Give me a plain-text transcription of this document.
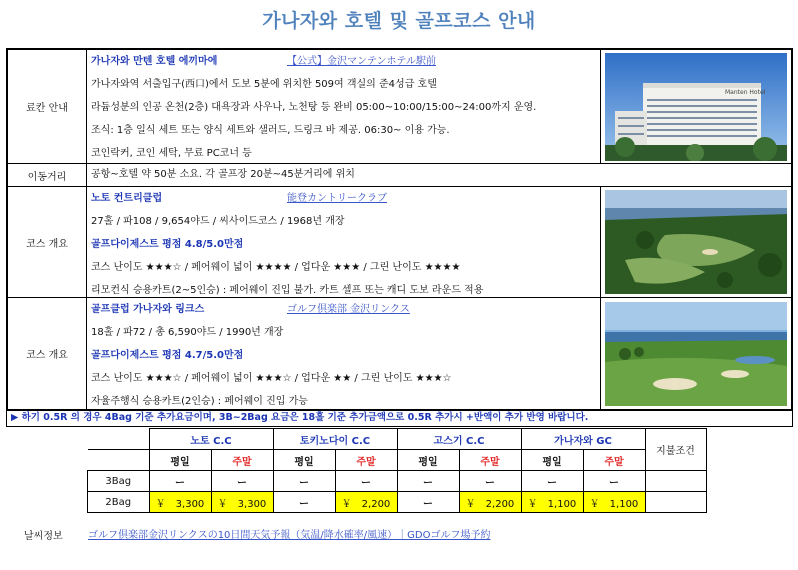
가나자와 호텔 및 골프코스 안내
료칸 안내
가나자와 만텐 호텔 에끼마에	【公式】金沢マンテンホテル駅前
가나자와역 서출입구(西口)에서 도보 5분에 위치한 509여 객실의 준4성급 호텔
라듐성분의 인공 온천(2층) 대욕장과 사우나, 노천탕 등 완비 05:00~10:00/15:00~24:00까지 운영.
조식: 1층 일식 세트 또는 양식 세트와 샐러드, 드링크 바 제공. 06:30~ 이용 가능.
코인락커, 코인 세탁, 무료 PC코너 등
Manten Hotel
이동거리	공항~호텔 약 50분 소요. 각 골프장 20분~45분거리에 위치
코스 개요
노토 컨트리클럽	能登カントリークラブ
27홀 / 파108 / 9,654야드 / 씨사이드코스 / 1968년 개장
골프다이제스트 평점 4.8/5.0만점
코스 난이도 ★★★☆ / 페어웨이 넓이 ★★★★ / 업다운 ★★★ / 그린 난이도 ★★★★
리모컨식 승용카트(2~5인승) : 페어웨이 진입 불가. 카트 셀프 또는 캐디 도보 라운드 적용
코스 개요
골프클럽 가나자와 링크스	ゴルフ倶楽部 金沢リンクス
18홀 / 파72 / 총 6,590야드 / 1990년 개장
골프다이제스트 평점 4.7/5.0만점
코스 난이도 ★★★☆ / 페어웨이 넓이 ★★★☆ / 업다운 ★★ / 그린 난이도 ★★★☆
자율주행식 승용카트(2인승) : 페어웨이 진입 가능
▶ 하기 0.5R 의 경우 4Bag 기준 추가요금이며, 3B~2Bag 요금은 18홀 기준 추가금액으로 0.5R 추가시 +반액이 추가 반영 바랍니다.
	노토 C.C		토키노다이 C.C		고스기 C.C		가나자와 GC		지불조건
	평일	주말	평일	주말	평일	주말	평일	주말	
3Bag	ー	ー	ー	ー	ー	ー	ー	ー	
2Bag	￥　3,300	￥　3,300	ー	￥　2,200	ー	￥　2,200	￥　1,100	￥　1,100	
날씨정보	ゴルフ倶楽部金沢リンクスの10日間天気予報（気温/降水確率/風速）｜GDOゴルフ場予約
